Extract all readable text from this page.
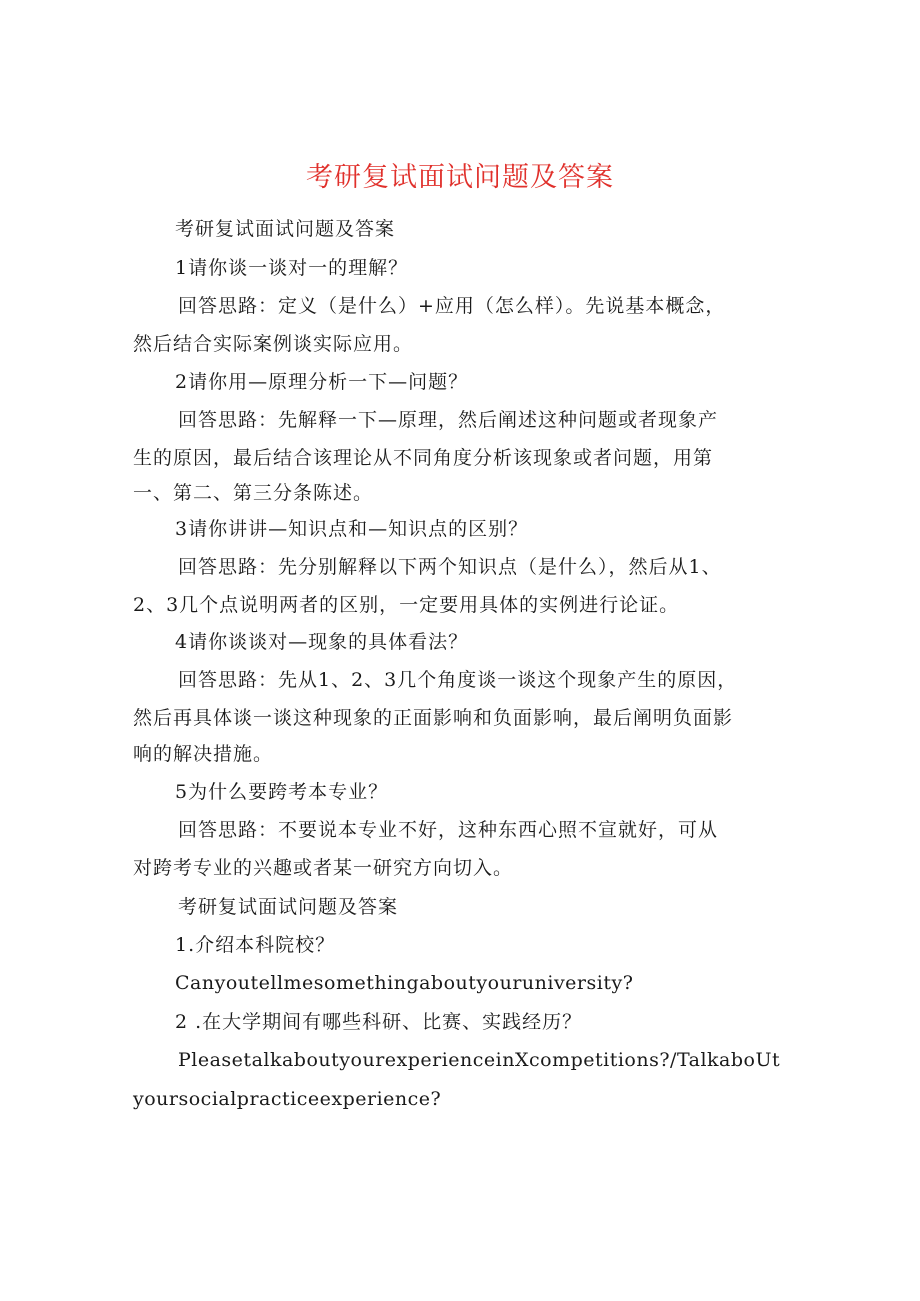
考研复试面试问题及答案
考研复试面试问题及答案
1请你谈一谈对一的理解？
回答思路：定义（是什么）+应用（怎么样）。先说基本概念，
然后结合实际案例谈实际应用。
2请你用—原理分析一下—问题？
回答思路：先解释一下—原理，然后阐述这种问题或者现象产
生的原因，最后结合该理论从不同角度分析该现象或者问题，用第
一、第二、第三分条陈述。
3请你讲讲—知识点和—知识点的区别？
回答思路：先分别解释以下两个知识点（是什么），然后从1、
2、3几个点说明两者的区别，一定要用具体的实例进行论证。
4请你谈谈对—现象的具体看法？
回答思路：先从1、2、3几个角度谈一谈这个现象产生的原因，
然后再具体谈一谈这种现象的正面影响和负面影响，最后阐明负面影
响的解决措施。
5为什么要跨考本专业？
回答思路：不要说本专业不好，这种东西心照不宣就好，可从
对跨考专业的兴趣或者某一研究方向切入。
考研复试面试问题及答案
1.介绍本科院校？
Canyoutellmesomethingaboutyouruniversity?
2 .在大学期间有哪些科研、比赛、实践经历？
PleasetalkaboutyourexperienceinXcompetitions?/TalkaboUt
yoursocialpracticeexperience?
